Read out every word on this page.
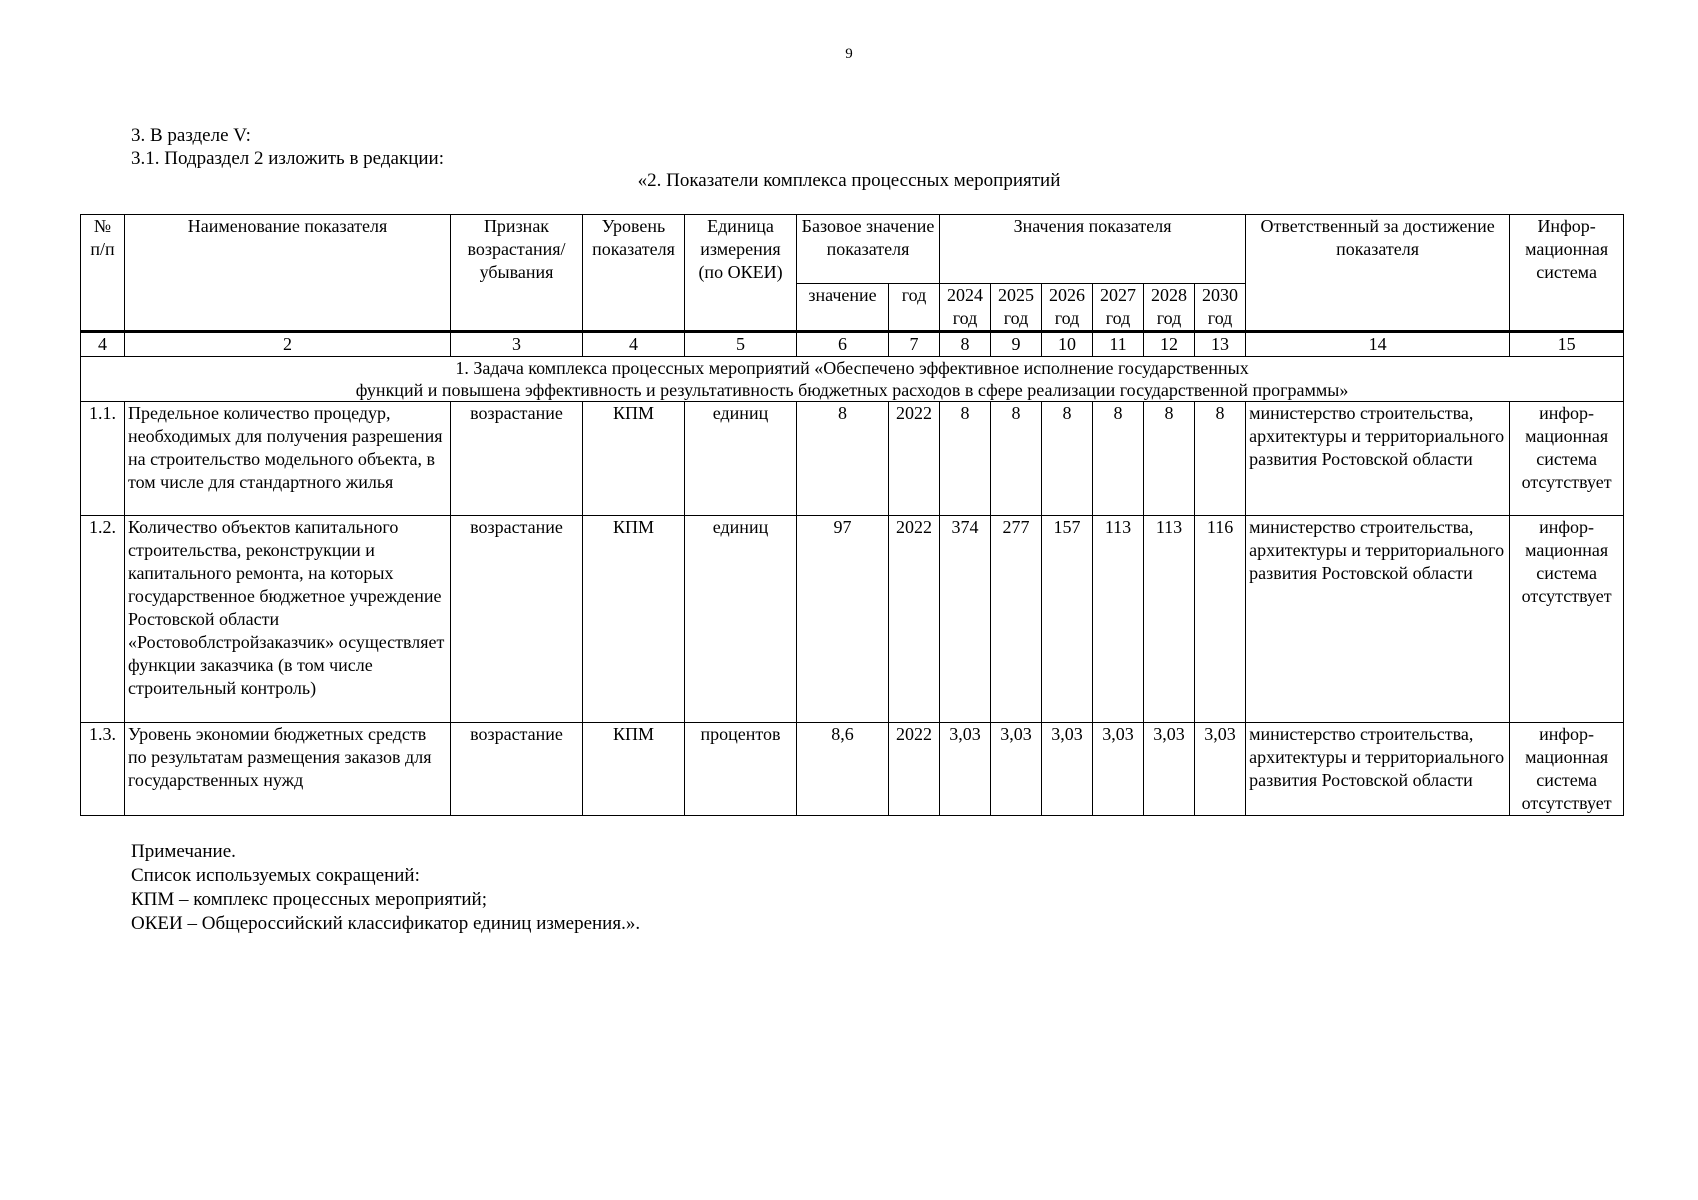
9
3. В разделе V:
3.1. Подраздел 2 изложить в редакции:
«2. Показатели комплекса процессных мероприятий
№ п/п	Наименование показателя	Признак возрастания/ убывания	Уровень показателя	Единица измерения (по ОКЕИ)	Базовое значение показателя		Значения показателя						Ответственный за достижение показателя	Инфор-мационная система
					значение	год	2024 год	2025 год	2026 год	2027 год	2028 год	2030 год		

4	2	3	4	5	6	7	8	9	10	11	12	13	14	15

1. Задача комплекса процессных мероприятий «Обеспечено эффективное исполнение государственных
функций и повышена эффективность и результативность бюджетных расходов в сфере реализации государственной программы»														

1.1.	Предельное количество процедур, необходимых для получения разрешения на строительство модельного объекта, в том числе для стандартного жилья	возрастание	КПМ	единиц	8	2022	8	8	8	8	8	8	министерство строительства, архитектуры и территориального развития Ростовской области	инфор-мационная система отсутствует
1.2.	Количество объектов капитального строительства, реконструкции и капитального ремонта, на которых государственное бюджетное учреждение Ростовской области «Ростовоблстройзаказчик» осуществляет функции заказчика (в том числе строительный контроль)	возрастание	КПМ	единиц	97	2022	374	277	157	113	113	116	министерство строительства, архитектуры и территориального развития Ростовской области	инфор-мационная система отсутствует
1.3.	Уровень экономии бюджетных средств по результатам размещения заказов для государственных нужд	возрастание	КПМ	процентов	8,6	2022	3,03	3,03	3,03	3,03	3,03	3,03	министерство строительства, архитектуры и территориального развития Ростовской области	инфор-мационная система отсутствует
Примечание.
Список используемых сокращений:
КПМ – комплекс процессных мероприятий;
ОКЕИ – Общероссийский классификатор единиц измерения.».
